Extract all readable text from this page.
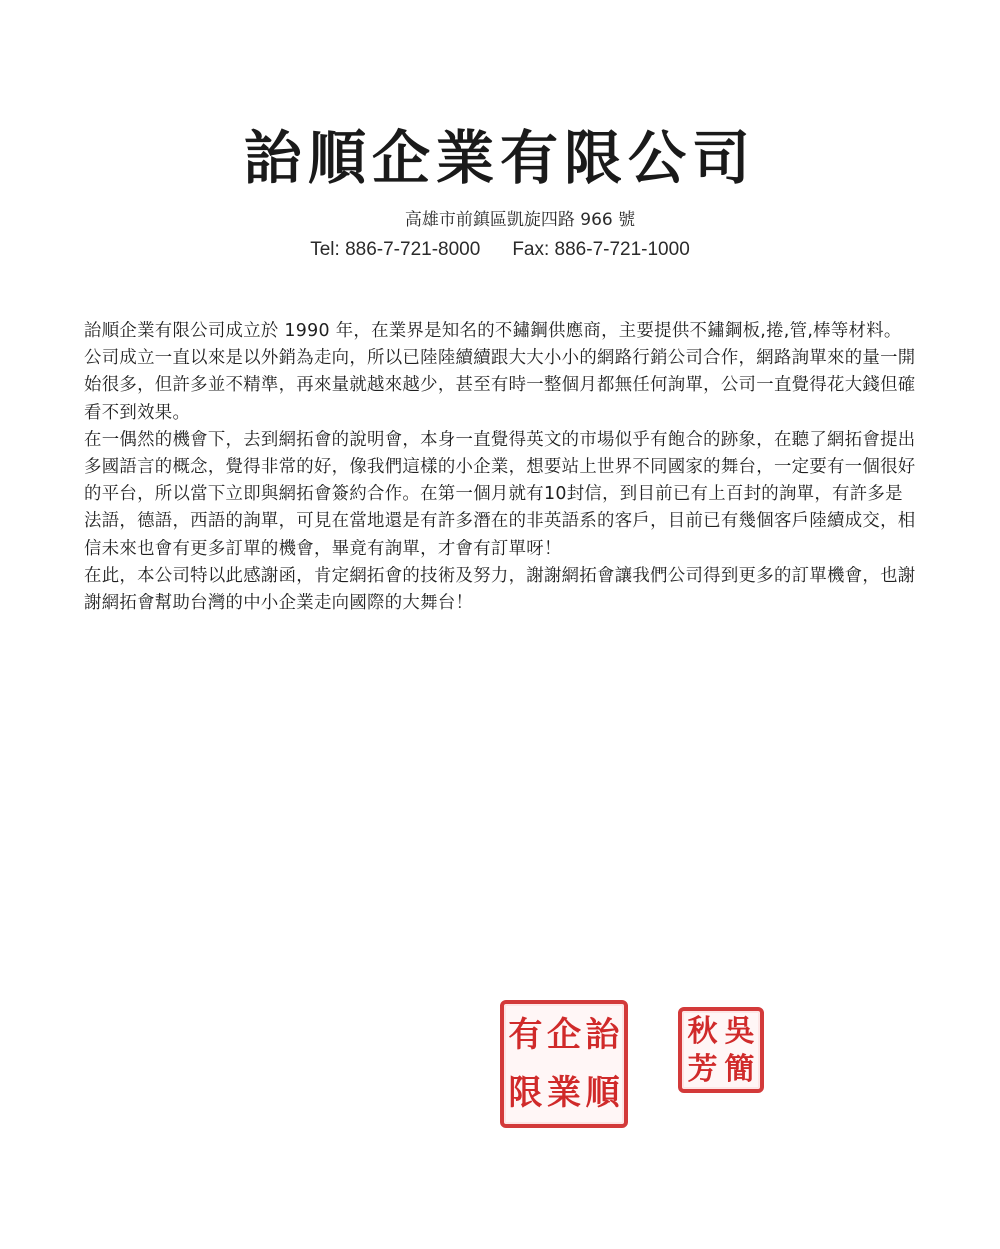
詒順企業有限公司
高雄市前鎮區凱旋四路 966 號
Tel: 886-7-721-8000 Fax: 886-7-721-1000

詒順企業有限公司成立於 1990 年，在業界是知名的不鏽鋼供應商，主要提供不鏽鋼板,捲,管,棒等材料。

公司成立一直以來是以外銷為走向，所以已陸陸續續跟大大小小的網路行銷公司合作，網路詢單來的量一開始很多，但許多並不精準，再來量就越來越少，甚至有時一整個月都無任何詢單，公司一直覺得花大錢但確看不到效果。

在一偶然的機會下，去到網拓會的說明會，本身一直覺得英文的市場似乎有飽合的跡象，在聽了網拓會提出多國語言的概念，覺得非常的好，像我們這樣的小企業，想要站上世界不同國家的舞台，一定要有一個很好的平台，所以當下立即與網拓會簽約合作。在第一個月就有10封信，到目前已有上百封的詢單，有許多是法語，德語，西語的詢單，可見在當地還是有許多潛在的非英語系的客戶，目前已有幾個客戶陸續成交，相信未來也會有更多訂單的機會，畢竟有詢單，才會有訂單呀！

在此，本公司特以此感謝函，肯定網拓會的技術及努力，謝謝網拓會讓我們公司得到更多的訂單機會，也謝謝網拓會幫助台灣的中小企業走向國際的大舞台！

詒
順
企
業
有
限
吳
簡
秋
芳
